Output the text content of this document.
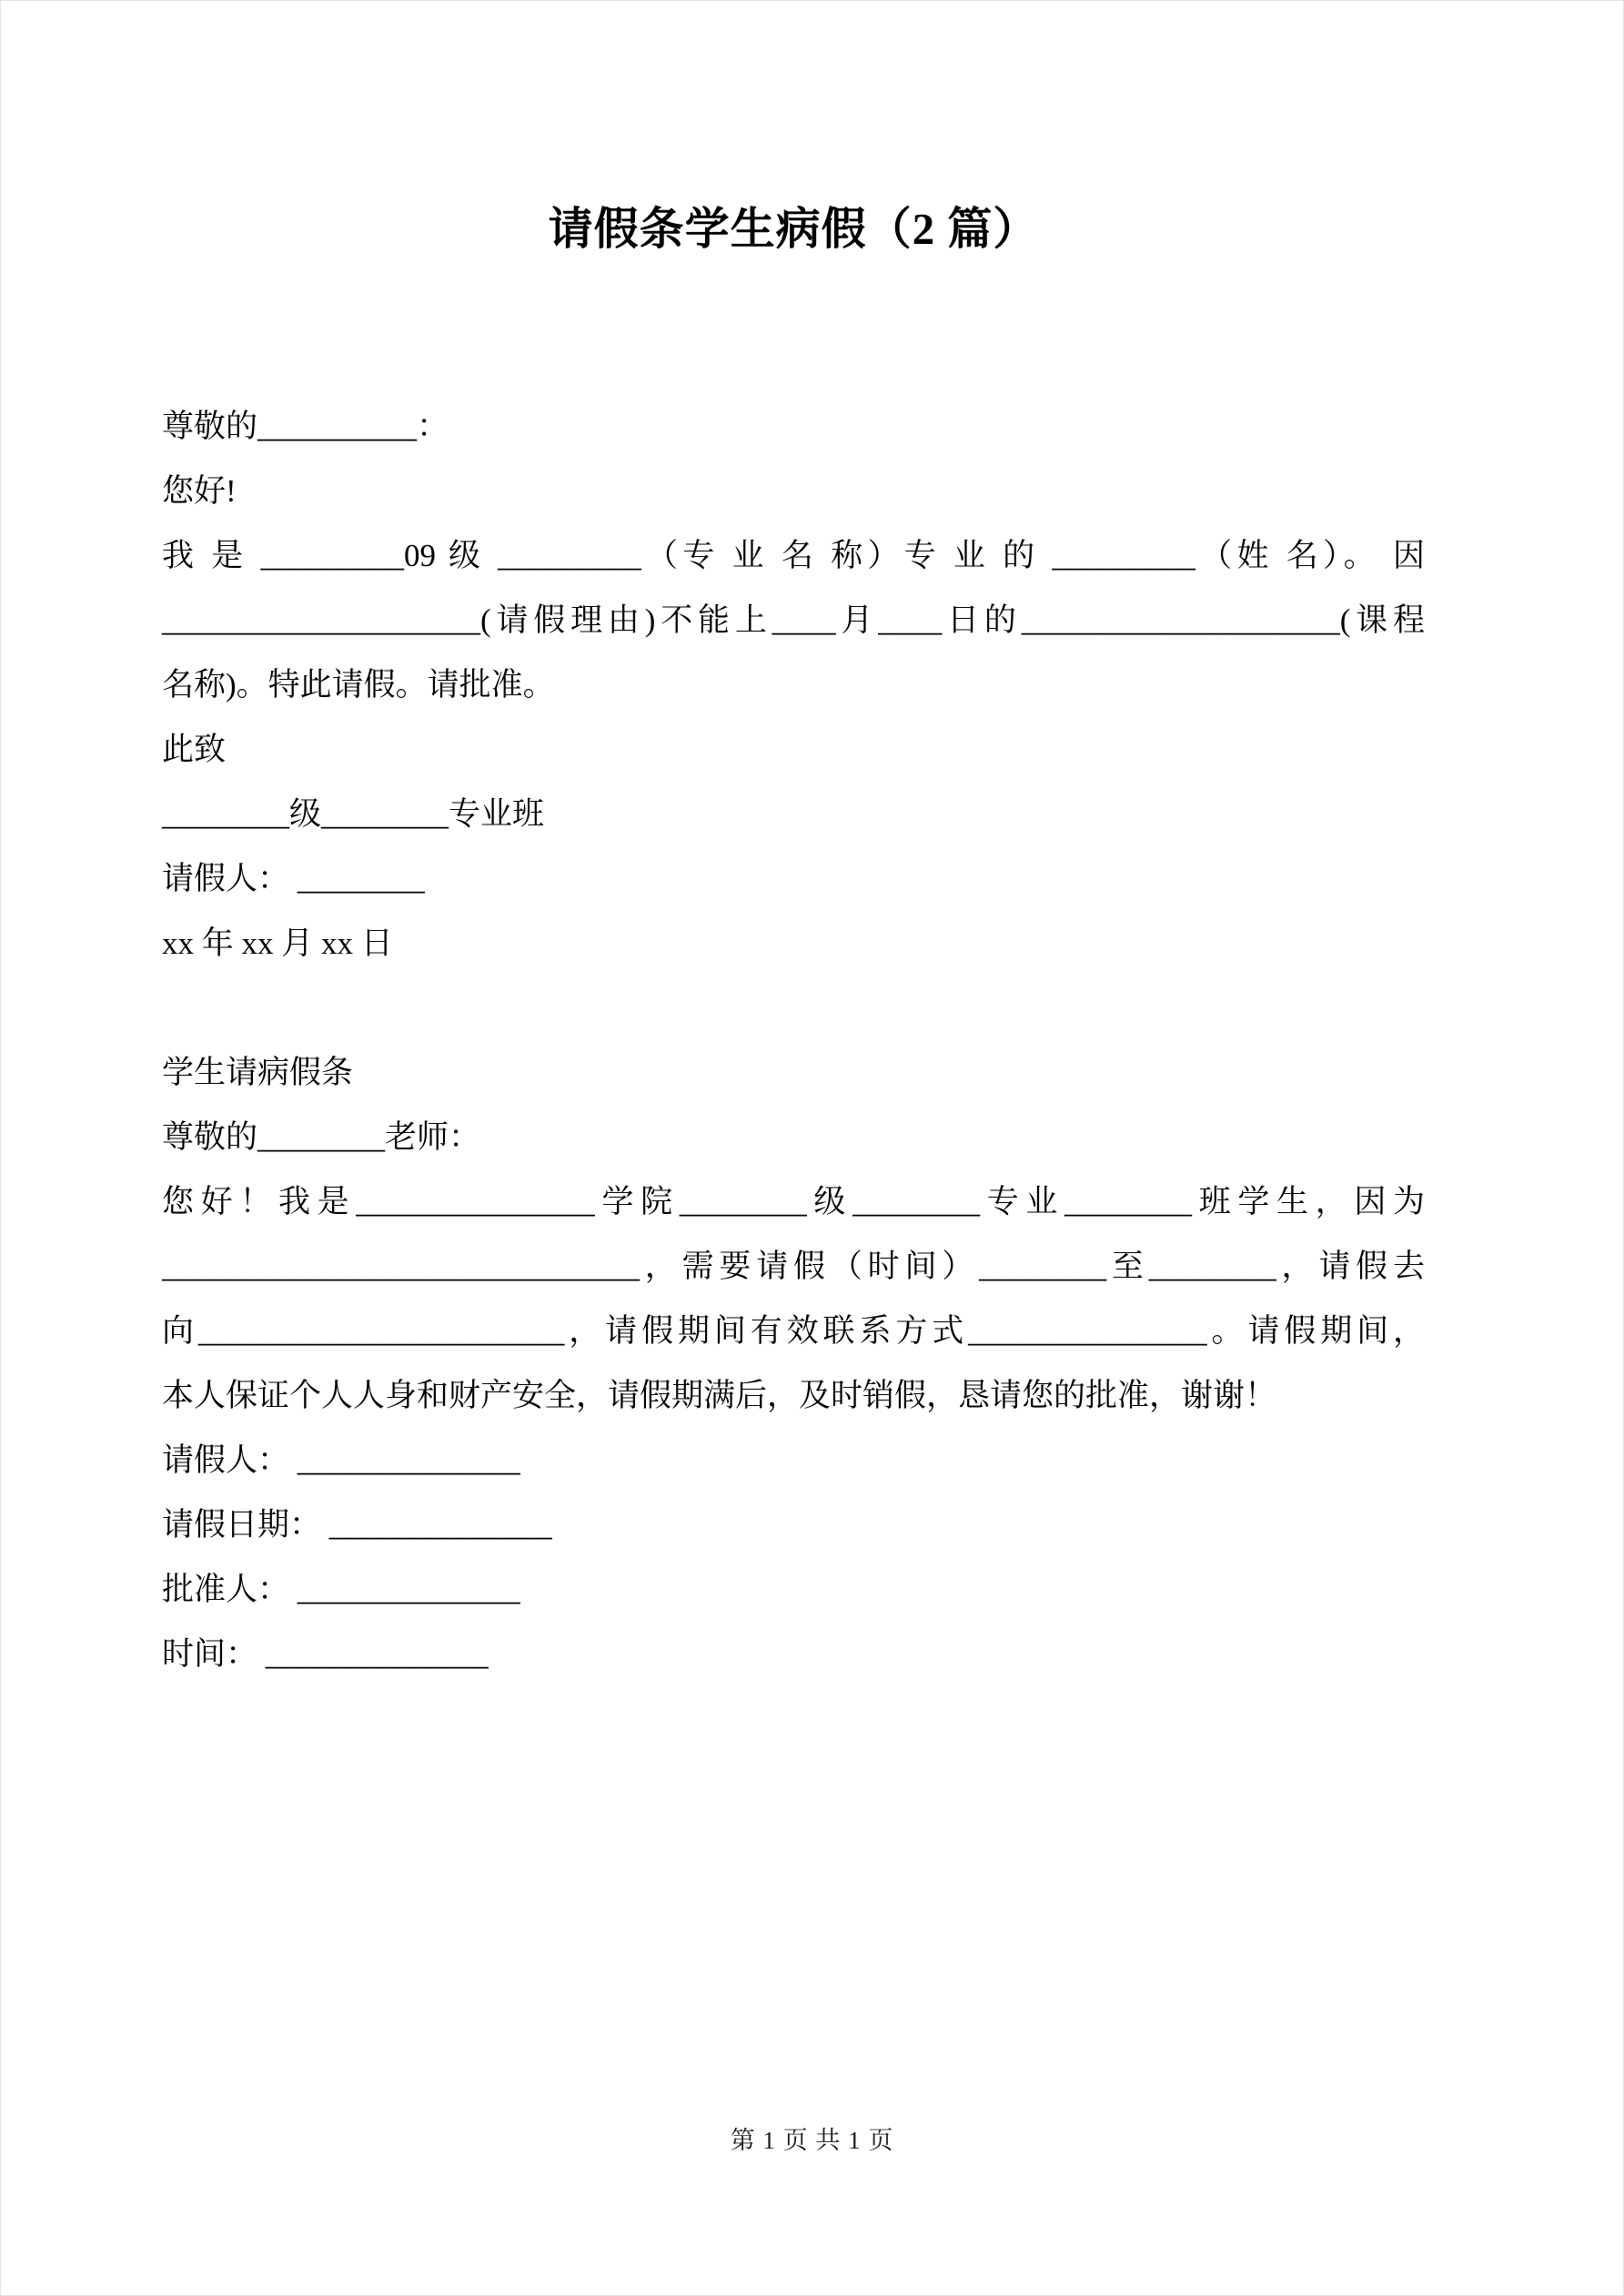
请假条学生病假（2 篇）
尊敬的__________：
您好!
我 是 _________09 级 _________（专 业 名 称）专 业 的 _________（姓 名）。 因
____________________(请假理由)不能上____月____日的____________________(课程
名称)。特此请假。请批准。
此致
________级________专业班
请假人： ________
xx 年 xx 月 xx 日
学生请病假条
尊敬的________老师：
您好！我是_______________学院________级________专业________班学生，因为
______________________________，需要请假（时间）________至________，请假去
向_______________________，请假期间有效联系方式_______________。请假期间，
本人保证个人人身和财产安全，请假期满后，及时销假，恳请您的批准，谢谢！
请假人： ______________
请假日期： ______________
批准人： ______________
时间： ______________
第 1 页 共 1 页
